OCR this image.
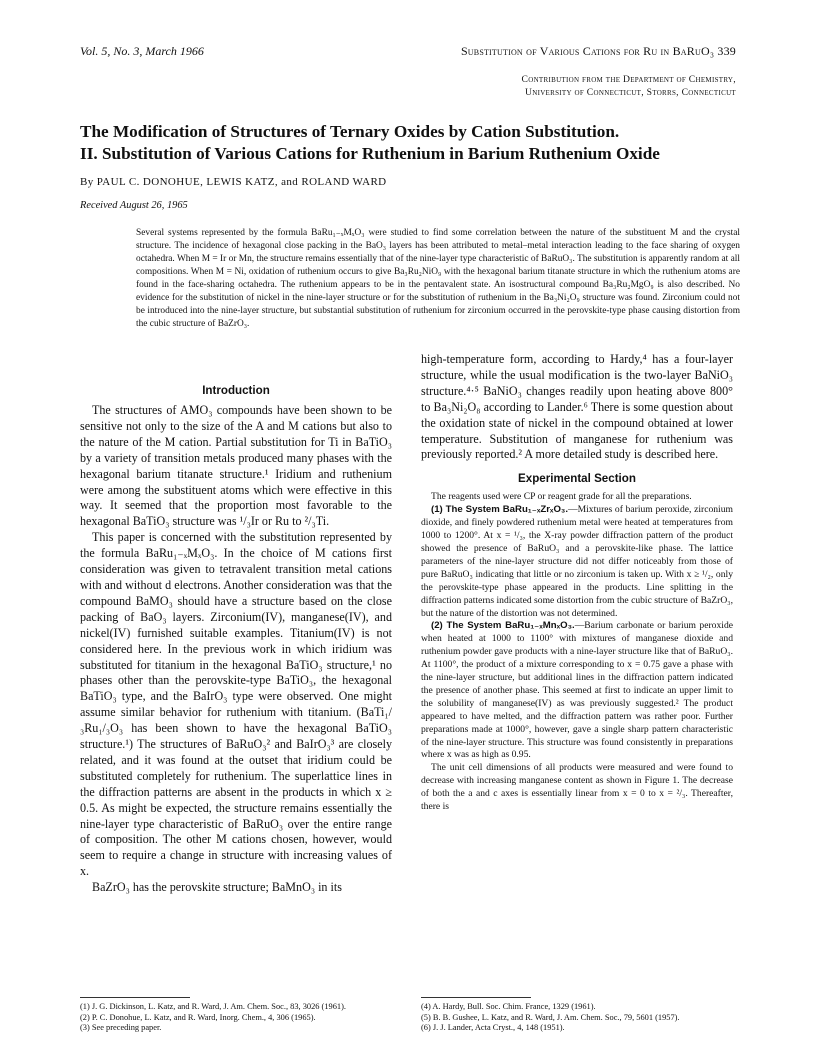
Vol. 5, No. 3, March 1966	Substitution of Various Cations for Ru in BaRuO₃ 339
Contribution from the Department of Chemistry,
University of Connecticut, Storrs, Connecticut
The Modification of Structures of Ternary Oxides by Cation Substitution.
II. Substitution of Various Cations for Ruthenium in Barium Ruthenium Oxide
By PAUL C. DONOHUE, LEWIS KATZ, and ROLAND WARD
Received August 26, 1965
Several systems represented by the formula BaRu₁₋ₓMₓO₃ were studied to find some correlation between the nature of the substituent M and the crystal structure. The incidence of hexagonal close packing in the BaO₃ layers has been attributed to metal–metal interaction leading to the face sharing of oxygen octahedra. When M = Ir or Mn, the structure remains essentially that of the nine-layer type characteristic of BaRuO₃. The substitution is apparently random at all compositions. When M = Ni, oxidation of ruthenium occurs to give Ba₃Ru₂NiO₉ with the hexagonal barium titanate structure in which the ruthenium atoms are found in the face-sharing octahedra. The ruthenium appears to be in the pentavalent state. An isostructural compound Ba₃Ru₂MgO₉ is also described. No evidence for the substitution of nickel in the nine-layer structure or for the substitution of ruthenium in the Ba₃Ni₂O₉ structure was found. Zirconium could not be introduced into the nine-layer structure, but substantial substitution of ruthenium for zirconium occurred in the perovskite-type phase causing distortion from the cubic structure of BaZrO₃.
Introduction

The structures of AMO₃ compounds have been shown to be sensitive not only to the size of the A and M cations but also to the nature of the M cation. Partial substitution for Ti in BaTiO₃ by a variety of transition metals produced many phases with the hexagonal barium titanate structure.¹ Iridium and ruthenium were among the substituent atoms which were effective in this way. It seemed that the proportion most favorable to the hexagonal BaTiO₃ structure was ¹/₃Ir or Ru to ²/₃Ti.

This paper is concerned with the substitution represented by the formula BaRu₁₋ₓMₓO₃. In the choice of M cations first consideration was given to tetravalent transition metal cations with and without d electrons. Another consideration was that the compound BaMO₃ should have a structure based on the close packing of BaO₃ layers. Zirconium(IV), manganese(IV), and nickel(IV) furnished suitable examples. Titanium(IV) is not considered here. In the previous work in which iridium was substituted for titanium in the hexagonal BaTiO₃ structure,¹ no phases other than the perovskite-type BaTiO₃, the hexagonal BaTiO₃ type, and the BaIrO₃ type were observed. One might assume similar behavior for ruthenium with titanium. (BaTi₁/₃Ru₁/₃O₃ has been shown to have the hexagonal BaTiO₃ structure.¹) The structures of BaRuO₃² and BaIrO₃³ are closely related, and it was found at the outset that iridium could be substituted completely for ruthenium. The superlattice lines in the diffraction patterns are absent in the products in which x ≥ 0.5. As might be expected, the structure remains essentially the nine-layer type characteristic of BaRuO₃ over the entire range of composition. The other M cations chosen, however, would seem to require a change in structure with increasing values of x.

BaZrO₃ has the perovskite structure; BaMnO₃ in its

high-temperature form, according to Hardy,⁴ has a four-layer structure, while the usual modification is the two-layer BaNiO₃ structure.⁴·⁵ BaNiO₃ changes readily upon heating above 800° to Ba₃Ni₂O₈ according to Lander.⁶ There is some question about the oxidation state of nickel in the compound obtained at lower temperature. Substitution of manganese for ruthenium was previously reported.² A more detailed study is described here.

Experimental Section

The reagents used were CP or reagent grade for all the preparations.

(1) The System BaRu₁₋ₓZrₓO₃.—Mixtures of barium peroxide, zirconium dioxide, and finely powdered ruthenium metal were heated at temperatures from 1000 to 1200°. At x = ¹/₃, the X-ray powder diffraction pattern of the product showed the presence of BaRuO₃ and a perovskite-like phase. The lattice parameters of the nine-layer structure did not differ noticeably from those of pure BaRuO₃ indicating that little or no zirconium is taken up. With x ≥ ¹/₂, only the perovskite-type phase appeared in the products. Line splitting in the diffraction patterns indicated some distortion from the cubic structure of BaZrO₃, but the nature of the distortion was not determined.

(2) The System BaRu₁₋ₓMnₓO₃.—Barium carbonate or barium peroxide when heated at 1000 to 1100° with mixtures of manganese dioxide and ruthenium powder gave products with a nine-layer structure like that of BaRuO₃. At 1100°, the product of a mixture corresponding to x = 0.75 gave a phase with the nine-layer structure, but additional lines in the diffraction pattern indicated the presence of another phase. This seemed at first to indicate an upper limit to the solubility of manganese(IV) as was previously suggested.² The product appeared to have melted, and the diffraction pattern was rather poor. Further preparations made at 1000°, however, gave a single sharp pattern characteristic of the nine-layer structure. This structure was found consistently in preparations where x was as high as 0.95.

The unit cell dimensions of all products were measured and were found to decrease with increasing manganese content as shown in Figure 1. The decrease of both the a and c axes is essentially linear from x = 0 to x = ²/₃. Thereafter, there is

(1) J. G. Dickinson, L. Katz, and R. Ward, J. Am. Chem. Soc., 83, 3026 (1961).

(2) P. C. Donohue, L. Katz, and R. Ward, Inorg. Chem., 4, 306 (1965).

(3) See preceding paper.

(4) A. Hardy, Bull. Soc. Chim. France, 1329 (1961).

(5) B. B. Gushee, L. Katz, and R. Ward, J. Am. Chem. Soc., 79, 5601 (1957).

(6) J. J. Lander, Acta Cryst., 4, 148 (1951).
